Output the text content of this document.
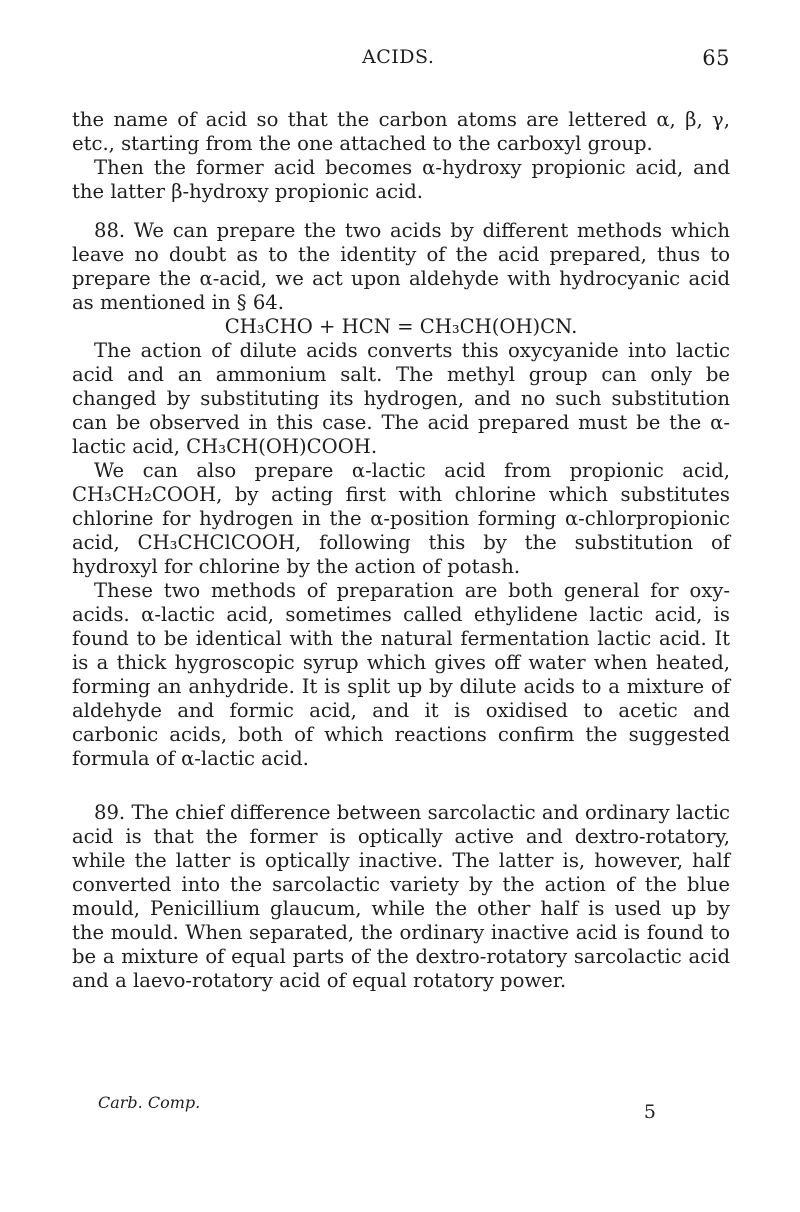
ACIDS.	65

the name of acid so that the carbon atoms are lettered α, β, γ, etc., starting from the one attached to the carboxyl group.

Then the former acid becomes α-hydroxy propionic acid, and the latter β-hydroxy propionic acid.

88. We can prepare the two acids by different methods which leave no doubt as to the identity of the acid prepared, thus to prepare the α-acid, we act upon aldehyde with hydrocyanic acid as mentioned in § 64.

CH₃CHO + HCN = CH₃CH(OH)CN.

The action of dilute acids converts this oxycyanide into lactic acid and an ammonium salt. The methyl group can only be changed by substituting its hydrogen, and no such substitution can be observed in this case. The acid prepared must be the α-lactic acid, CH₃CH(OH)COOH.

We can also prepare α-lactic acid from propionic acid, CH₃CH₂COOH, by acting first with chlorine which substitutes chlorine for hydrogen in the α-position forming α-chlorpropionic acid, CH₃CHClCOOH, following this by the substitution of hydroxyl for chlorine by the action of potash.

These two methods of preparation are both general for oxy-acids. α-lactic acid, sometimes called ethylidene lactic acid, is found to be identical with the natural fermentation lactic acid. It is a thick hygroscopic syrup which gives off water when heated, forming an anhydride. It is split up by dilute acids to a mixture of aldehyde and formic acid, and it is oxidised to acetic and carbonic acids, both of which reactions confirm the suggested formula of α-lactic acid.

89. The chief difference between sarcolactic and ordinary lactic acid is that the former is optically active and dextro-rotatory, while the latter is optically inactive. The latter is, however, half converted into the sarcolactic variety by the action of the blue mould, Penicillium glaucum, while the other half is used up by the mould. When separated, the ordinary inactive acid is found to be a mixture of equal parts of the dextro-rotatory sarcolactic acid and a laevo-rotatory acid of equal rotatory power.

Carb. Comp.	5
